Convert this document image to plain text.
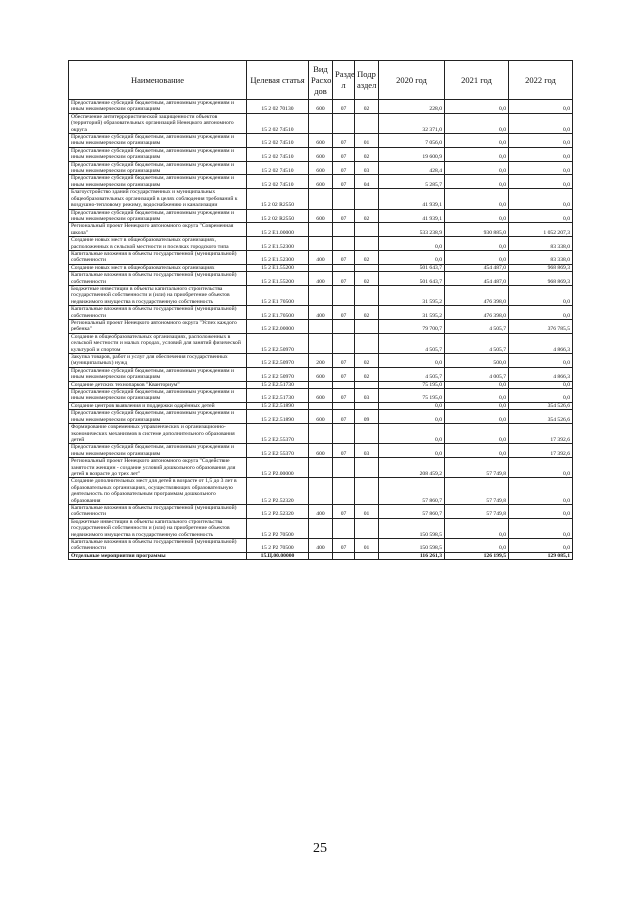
Наименование	Целевая статья	Вид Расхо дов	Разде л	Подр аздел	2020 год	2021 год	2022 год
Предоставление субсидий бюджетным, автономным учреждениям и иным некоммерческим организациям	15 2 02 70130	600	07	02	228,0	0,0	0,0
Обеспечение антитеррористической защищенности объектов (территорий) образовательных организаций Ненецкого автономного округа	15 2 02 74510				32 371,0	0,0	0,0
Предоставление субсидий бюджетным, автономным учреждениям и иным некоммерческим организациям	15 2 02 74510	600	07	01	7 056,0	0,0	0,0
Предоставление субсидий бюджетным, автономным учреждениям и иным некоммерческим организациям	15 2 02 74510	600	07	02	19 600,9	0,0	0,0
Предоставление субсидий бюджетным, автономным учреждениям и иным некоммерческим организациям	15 2 02 74510	600	07	03	428,4	0,0	0,0
Предоставление субсидий бюджетным, автономным учреждениям и иным некоммерческим организациям	15 2 02 74510	600	07	04	5 285,7	0,0	0,0
Благоустройство зданий государственных и муниципальных общеобразовательных организаций в целях соблюдения требований к воздушно-тепловому режиму, водоснабжению и канализации	15 2 02 R2550				41 939,1	0,0	0,0
Предоставление субсидий бюджетным, автономным учреждениям и иным некоммерческим организациям	15 2 02 R2550	600	07	02	41 939,1	0,0	0,0
Региональный проект Ненецкого автономного округа "Современная школа"	15 2 E1.00000				533 238,9	930 885,0	1 052 207,3
Создание новых мест в общеобразовательных организациях, расположенных в сельской местности и поселках городского типа	15 2 E1.52300				0,0	0,0	83 338,0
Капитальные вложения в объекты государственной (муниципальной) собственности	15 2 E1.52300	400	07	02	0,0	0,0	83 338,0
Создание новых мест в общеобразовательных организациях	15 2 E1.55200				501 643,7	454 487,0	968 869,3
Капитальные вложения в объекты государственной (муниципальной) собственности	15 2 E1.55200	400	07	02	501 643,7	454 487,0	968 869,3
Бюджетные инвестиции в объекты капитального строительства государственной собственности и (или) на приобретение объектов недвижимого имущества в государственную собственность	15 2 E1 70500				31 595,2	476 398,0	0,0
Капитальные вложения в объекты государственной (муниципальной) собственности	15 2 E1.70500	400	07	02	31 595,2	476 398,0	0,0
Региональный проект Ненецкого автономного округа "Успех каждого ребенка"	15 2 E2.00000				79 700,7	4 505,7	376 785,5
Создание в общеобразовательных организациях, расположенных в сельской местности и малых городах, условий для занятий физической культурой и спортом	15 2 E2.50970				4 505,7	4 505,7	4 866,3
Закупка товаров, работ и услуг для обеспечения государственных (муниципальных) нужд	15 2 E2.50970	200	07	02	0,0	500,0	0,0
Предоставление субсидий бюджетным, автономным учреждениям и иным некоммерческим организациям	15 2 E2 50970	600	07	02	4 505,7	4 005,7	4 866,3
Создание детских технопарков "Кванториум"	15 2 E2.51730				75 195,0	0,0	0,0
Предоставление субсидий бюджетным, автономным учреждениям и иным некоммерческим организациям	15 2 E2.51730	600	07	03	75 195,0	0,0	0,0
Создание центров выявления и поддержки одарённых детей	15 2 E2.51890				0,0	0,0	354 526,6
Предоставление субсидий бюджетным, автономным учреждениям и иным некоммерческим организациям	15 2 E2.51890	600	07	09	0,0	0,0	354 526,6
Формирование современных управленческих и организационно-экономических механизмов в системе дополнительного образования детей	15 2 E2.55370				0,0	0,0	17 392,6
Предоставление субсидий бюджетным, автономным учреждениям и иным некоммерческим организациям	15 2 E2 55370	600	07	03	0,0	0,0	17 392,6
Региональный проект Ненецкого автономного округа "Содействие занятости женщин - создание условий дошкольного образования для детей в возрасте до трех лет"	15 2 P2.00000				208 459,2	57 749,8	0,0
Создание дополнительных мест для детей в возрасте от 1,5 до 3 лет в образовательных организациях, осуществляющих образовательную деятельность по образовательным программам дошкольного образования	15 2 P2.52320				57 860,7	57 749,8	0,0
Капитальные вложения в объекты государственной (муниципальной) собственности	15 2 P2.52320	400	07	01	57 860,7	57 749,8	0,0
Бюджетные инвестиции в объекты капитального строительства государственной собственности и (или) на приобретение объектов недвижимого имущества в государственную собственность	15 2 P2 70500				150 598,5	0,0	0,0
Капитальные вложения в объекты государственной (муниципальной) собственности	15 2 P2 70500	400	07	01	150 598,5	0,0	0,0
Отдельные мероприятия программы	15.Ц.00.00000				116 261,3	126 199,5	129 085,1
25
